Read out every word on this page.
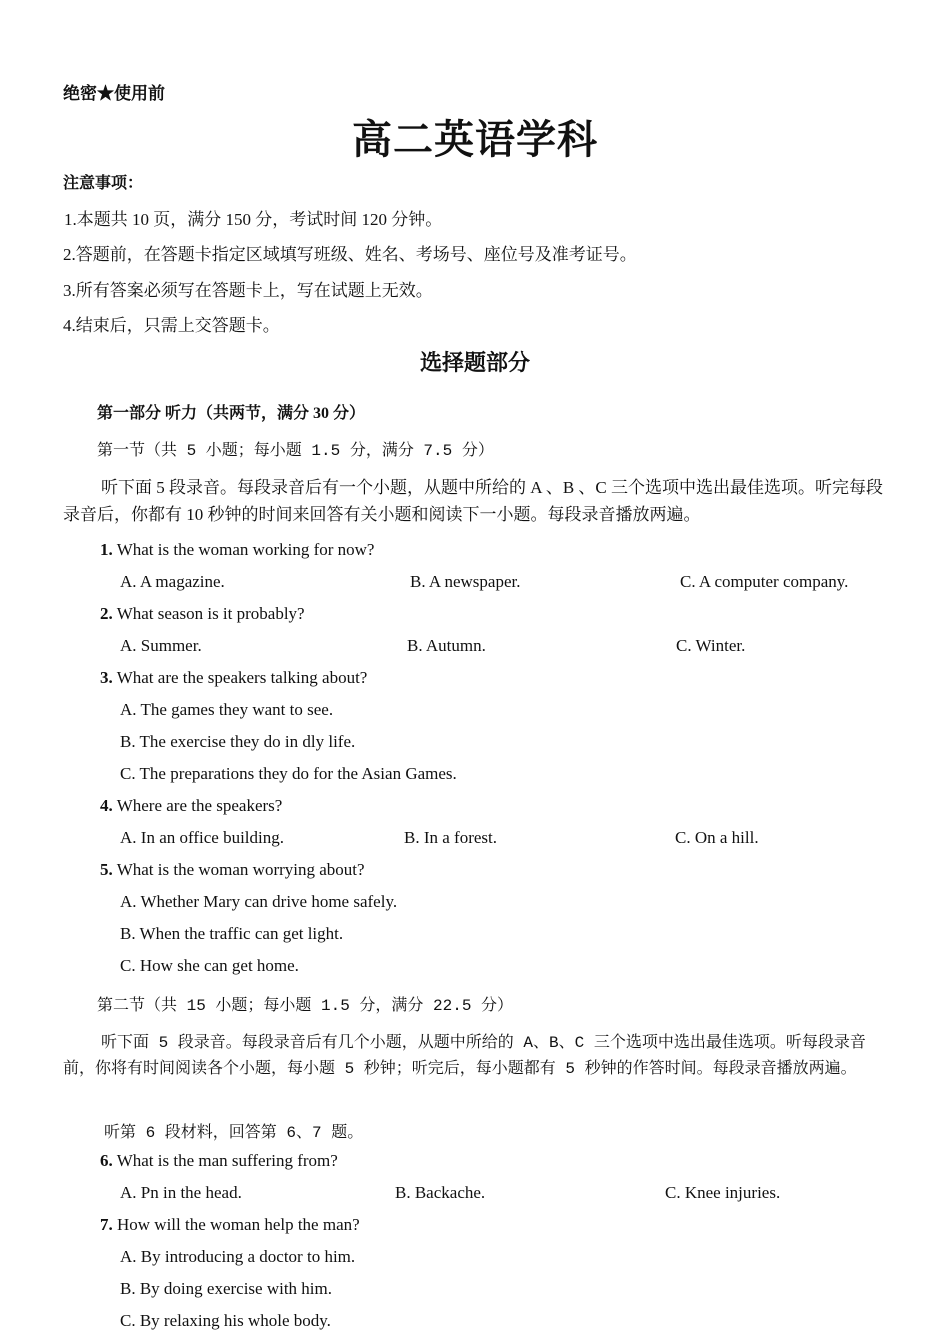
绝密★使用前
高二英语学科
注意事项：
1.本题共 10 页，满分 150 分，考试时间 120 分钟。
2.答题前，在答题卡指定区域填写班级、姓名、考场号、座位号及准考证号。
3.所有答案必须写在答题卡上，写在试题上无效。
4.结束后，只需上交答题卡。
选择题部分
第一部分 听力（共两节，满分 30 分）
第一节（共 5 小题；每小题 1.5 分，满分 7.5 分）
听下面 5 段录音。每段录音后有一个小题，从题中所给的 A 、B 、C 三个选项中选出最佳选项。听完每段录音后，你都有 10 秒钟的时间来回答有关小题和阅读下一小题。每段录音播放两遍。
1. What is the woman working for now?
A. A magazine.	B. A newspaper.	C. A computer company.
2. What season is it probably?
A. Summer.	B. Autumn.	C. Winter.
3. What are the speakers talking about?
A. The games they want to see.
B. The exercise they do in dly life.
C. The preparations they do for the Asian Games.
4. Where are the speakers?
A. In an office building.	B. In a forest.	C. On a hill.
5. What is the woman worrying about?
A. Whether Mary can drive home safely.
B. When the traffic can get light.
C. How she can get home.
第二节（共 15 小题；每小题 1.5 分，满分 22.5 分）
听下面 5 段录音。每段录音后有几个小题，从题中所给的 A、B、C 三个选项中选出最佳选项。听每段录音前，你将有时间阅读各个小题，每小题 5 秒钟；听完后，每小题都有 5 秒钟的作答时间。每段录音播放两遍。
听第 6 段材料，回答第 6、7 题。
6. What is the man suffering from?
A. Pn in the head.	B. Backache.	C. Knee injuries.
7. How will the woman help the man?
A. By introducing a doctor to him.
B. By doing exercise with him.
C. By relaxing his whole body.
